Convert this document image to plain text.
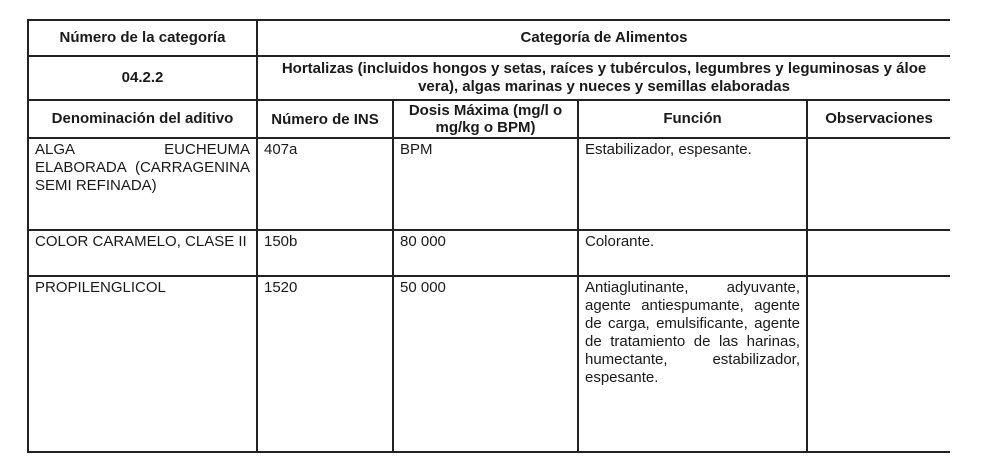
Número de la categoría	Categoría de Alimentos			
04.2.2	Hortalizas (incluidos hongos y setas, raíces y tubérculos, legumbres y leguminosas y áloe vera), algas marinas y nueces y semillas elaboradas			
Denominación del aditivo	Número de INS	Dosis Máxima (mg/l o mg/kg o BPM)	Función	Observaciones
ALGA EUCHEUMA ELABORADA (CARRAGENINA SEMI REFINADA)	407a	BPM	Estabilizador, espesante.	
COLOR CARAMELO, CLASE II	150b	80 000	Colorante.	
PROPILENGLICOL	1520	50 000	Antiaglutinante, adyuvante, agente antiespumante, agente de carga, emulsificante, agente de tratamiento de las harinas, humectante, estabilizador, espesante.	
